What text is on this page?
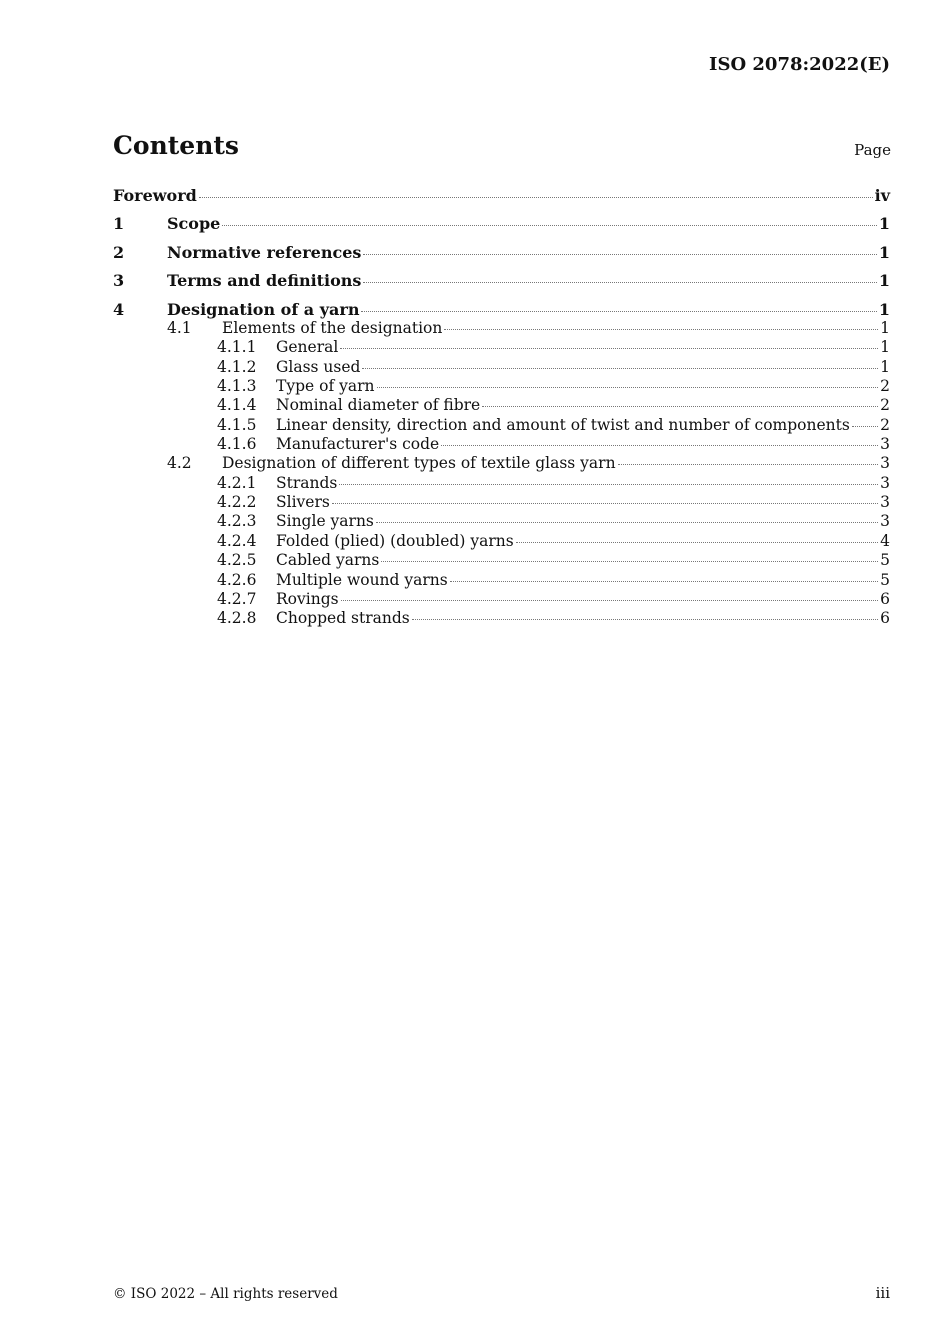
ISO 2078:2022(E)
Contents	Page
Foreword	iv
1	Scope	1
2	Normative references	1
3	Terms and definitions	1
4	Designation of a yarn	1
4.1	Elements of the designation	1
4.1.1	General	1
4.1.2	Glass used	1
4.1.3	Type of yarn	2
4.1.4	Nominal diameter of fibre	2
4.1.5	Linear density, direction and amount of twist and number of components 2
4.1.6	Manufacturer's code	3
4.2	Designation of different types of textile glass yarn	3
4.2.1	Strands	3
4.2.2	Slivers	3
4.2.3	Single yarns	3
4.2.4	Folded (plied) (doubled) yarns	4
4.2.5	Cabled yarns	5
4.2.6	Multiple wound yarns	5
4.2.7	Rovings	6
4.2.8	Chopped strands	6
© ISO 2022 – All rights reserved	iii
